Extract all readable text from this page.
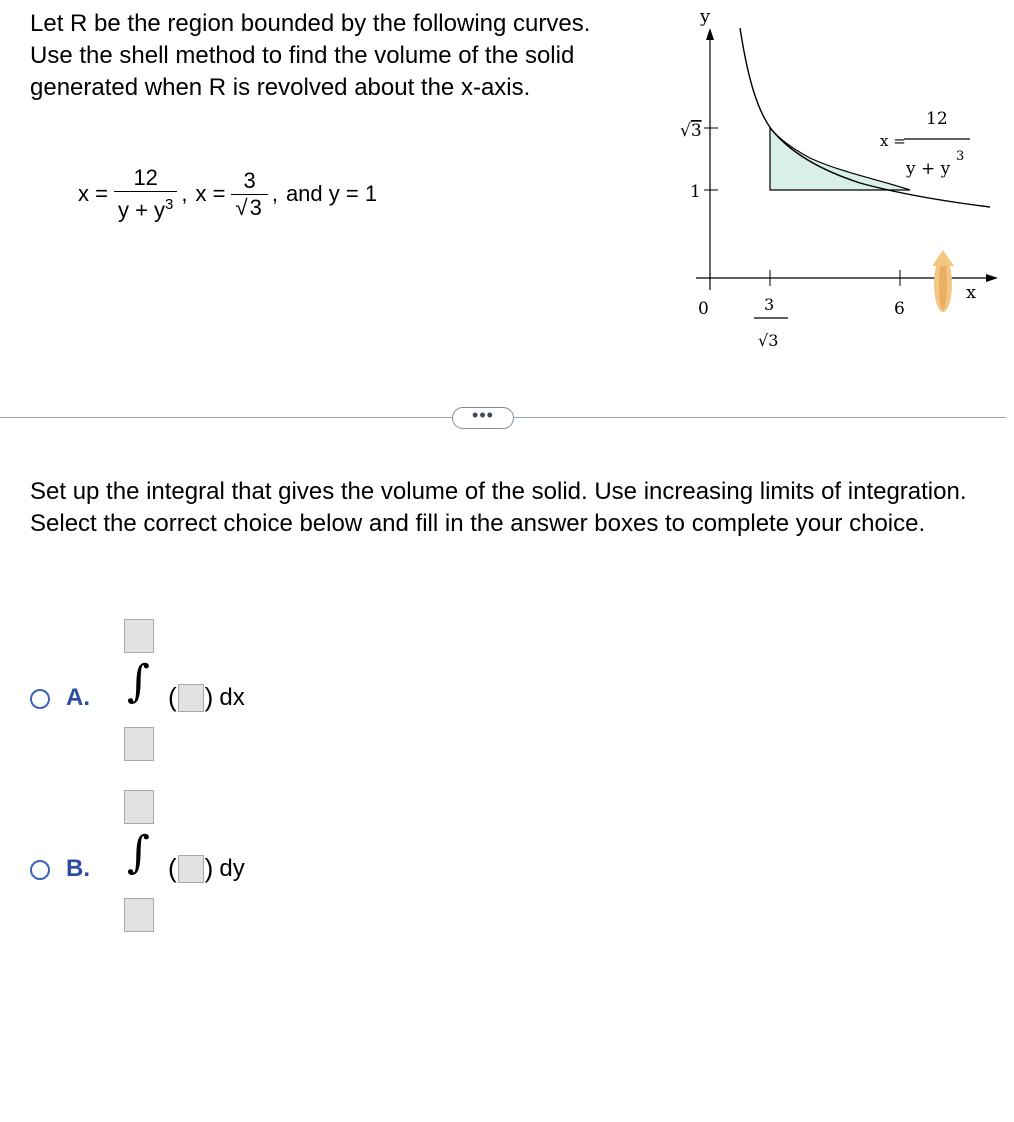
Let R be the region bounded by the following curves. Use the shell method to find the volume of the solid generated when R is revolved about the x-axis.
$x = \frac{12}{y + y^3}$ , $x = \frac{3}{√3}$ , and y = 1
y
x
√3
1
0	3
√3
6
x =
12
y + y
3
•••
Set up the integral that gives the volume of the solid. Use increasing limits of integration. Select the correct choice below and fill in the answer boxes to complete your choice.
A. ∫ ( ) dx
B. ∫ ( ) dy
